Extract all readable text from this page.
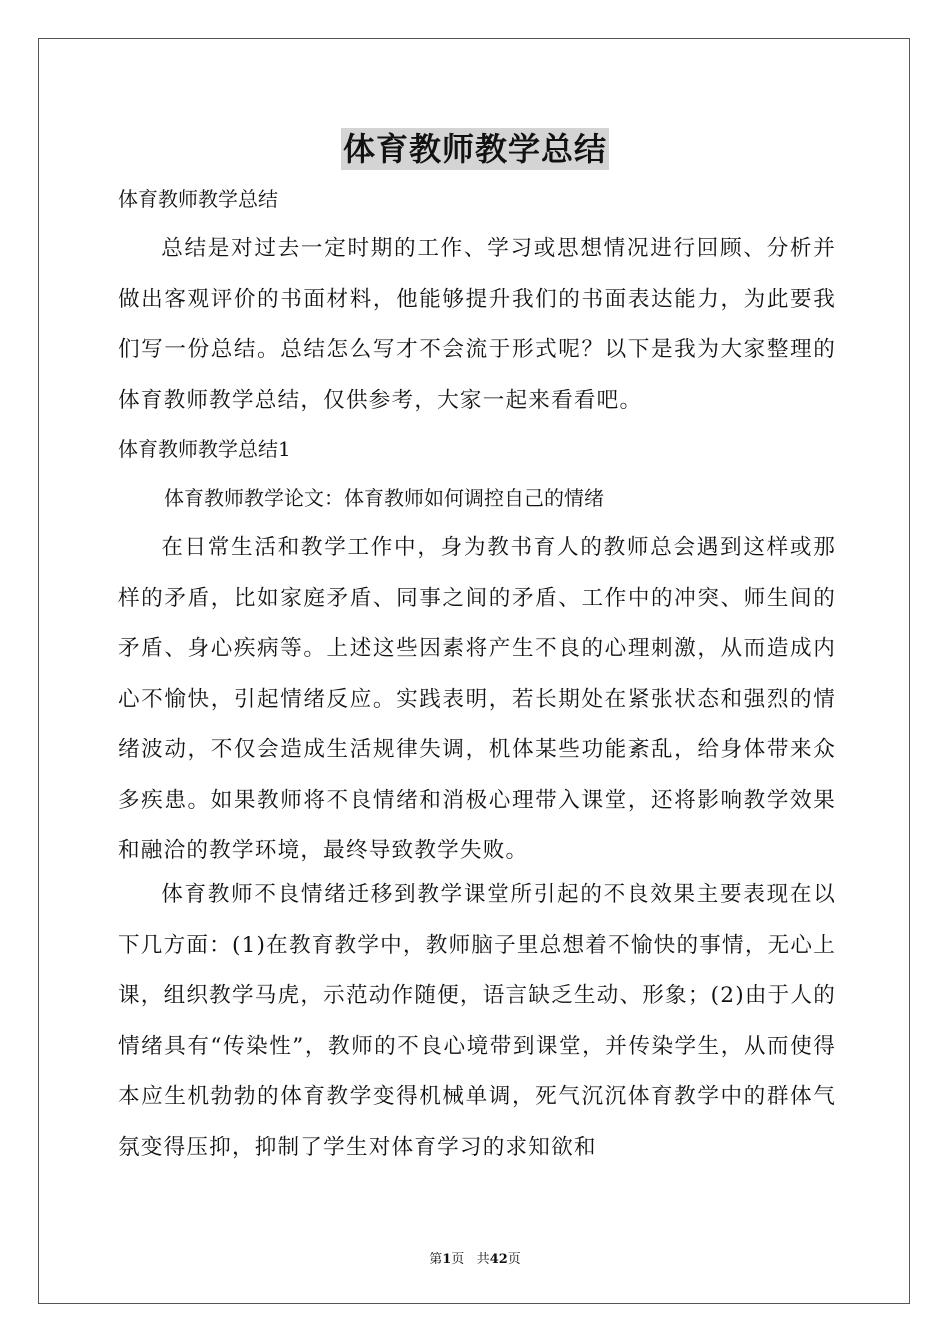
体育教师教学总结
体育教师教学总结

总结是对过去一定时期的工作、学习或思想情况进行回顾、分析并做出客观评价的书面材料，他能够提升我们的书面表达能力，为此要我们写一份总结。总结怎么写才不会流于形式呢？以下是我为大家整理的体育教师教学总结，仅供参考，大家一起来看看吧。

体育教师教学总结1
体育教师教学论文：体育教师如何调控自己的情绪

在日常生活和教学工作中，身为教书育人的教师总会遇到这样或那样的矛盾，比如家庭矛盾、同事之间的矛盾、工作中的冲突、师生间的矛盾、身心疾病等。上述这些因素将产生不良的心理刺激，从而造成内心不愉快，引起情绪反应。实践表明，若长期处在紧张状态和强烈的情绪波动，不仅会造成生活规律失调，机体某些功能紊乱，给身体带来众多疾患。如果教师将不良情绪和消极心理带入课堂，还将影响教学效果和融洽的教学环境，最终导致教学失败。

体育教师不良情绪迁移到教学课堂所引起的不良效果主要表现在以下几方面：(1)在教育教学中，教师脑子里总想着不愉快的事情，无心上课，组织教学马虎，示范动作随便，语言缺乏生动、形象；(2)由于人的情绪具有“传染性”，教师的不良心境带到课堂，并传染学生，从而使得本应生机勃勃的体育教学变得机械单调，死气沉沉体育教学中的群体气氛变得压抑，抑制了学生对体育学习的求知欲和

第1页 共42页
